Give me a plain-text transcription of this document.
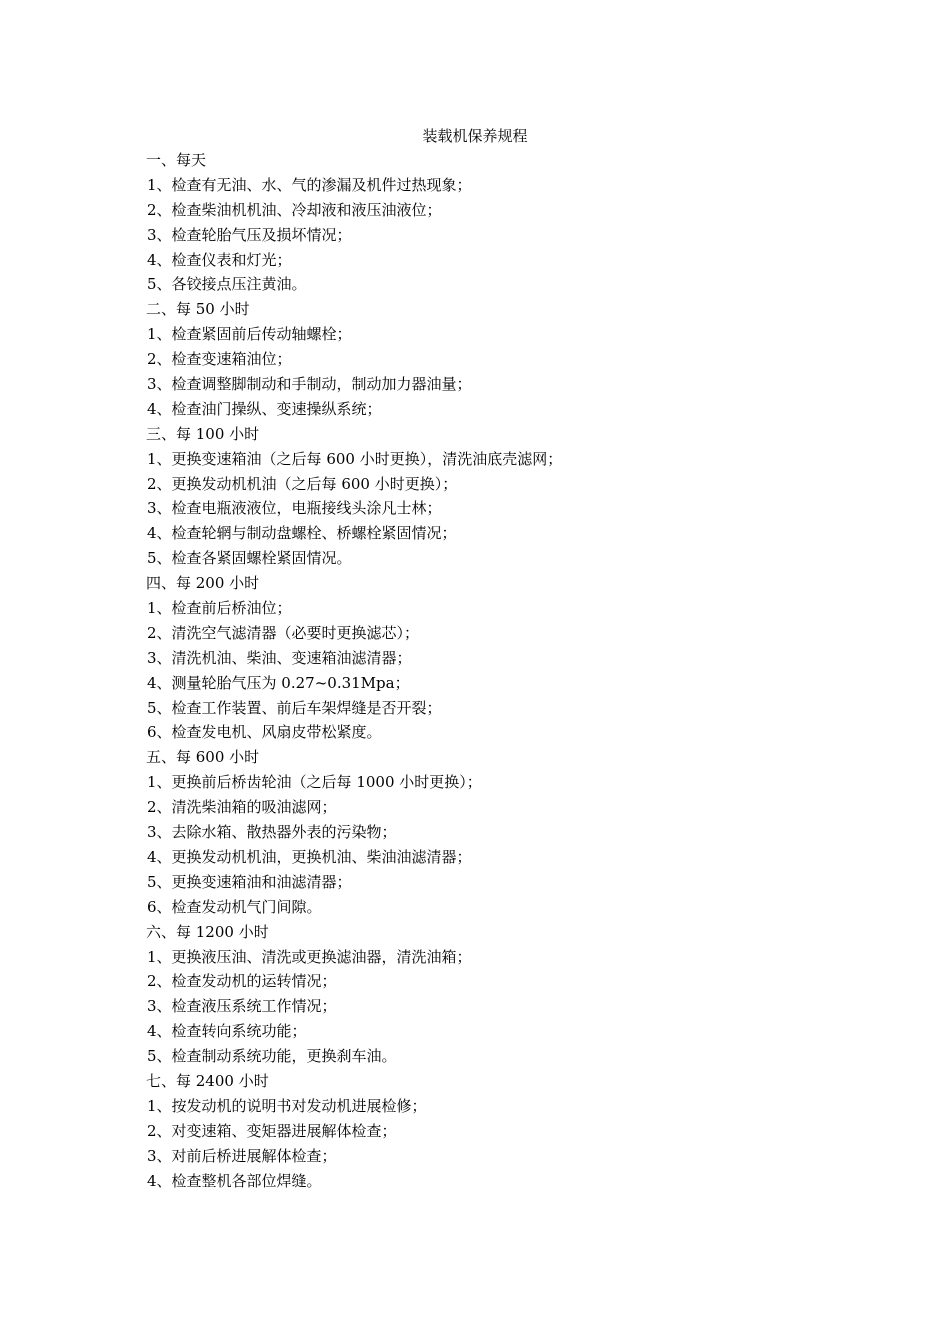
装载机保养规程
一、每天
1、检查有无油、水、气的渗漏及机件过热现象；
2、检查柴油机机油、冷却液和液压油液位；
3、检查轮胎气压及损坏情况；
4、检查仪表和灯光；
5、各铰接点压注黄油。
二、每 50 小时
1、检查紧固前后传动轴螺栓；
2、检查变速箱油位；
3、检查调整脚制动和手制动，制动加力器油量；
4、检查油门操纵、变速操纵系统；
三、每 100 小时
1、更换变速箱油（之后每 600 小时更换），清洗油底壳滤网；
2、更换发动机机油（之后每 600 小时更换）；
3、检查电瓶液液位，电瓶接线头涂凡士林；
4、检查轮辋与制动盘螺栓、桥螺栓紧固情况；
5、检查各紧固螺栓紧固情况。
四、每 200 小时
1、检查前后桥油位；
2、清洗空气滤清器（必要时更换滤芯）；
3、清洗机油、柴油、变速箱油滤清器；
4、测量轮胎气压为 0.27~0.31Mpa；
5、检查工作装置、前后车架焊缝是否开裂；
6、检查发电机、风扇皮带松紧度。
五、每 600 小时
1、更换前后桥齿轮油（之后每 1000 小时更换）；
2、清洗柴油箱的吸油滤网；
3、去除水箱、散热器外表的污染物；
4、更换发动机机油，更换机油、柴油油滤清器；
5、更换变速箱油和油滤清器；
6、检查发动机气门间隙。
六、每 1200 小时
1、更换液压油、清洗或更换滤油器，清洗油箱；
2、检查发动机的运转情况；
3、检查液压系统工作情况；
4、检查转向系统功能；
5、检查制动系统功能，更换刹车油。
七、每 2400 小时
1、按发动机的说明书对发动机进展检修；
2、对变速箱、变矩器进展解体检查；
3、对前后桥进展解体检查；
4、检查整机各部位焊缝。
